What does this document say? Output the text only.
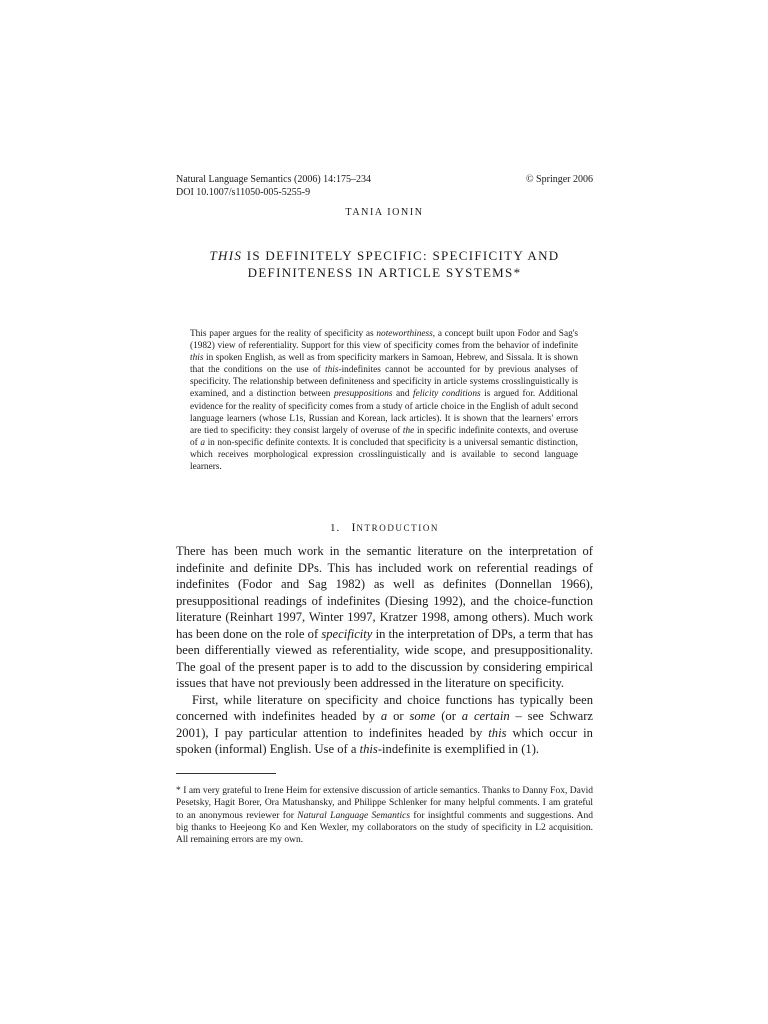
Natural Language Semantics (2006) 14:175–234	© Springer 2006
DOI 10.1007/s11050-005-5255-9
TANIA IONIN
THIS IS DEFINITELY SPECIFIC: SPECIFICITY AND
DEFINITENESS IN ARTICLE SYSTEMS*

This paper argues for the reality of specificity as noteworthiness, a concept built upon Fodor and Sag's (1982) view of referentiality. Support for this view of specificity comes from the behavior of indefinite this in spoken English, as well as from specificity markers in Samoan, Hebrew, and Sissala. It is shown that the conditions on the use of this-indefinites cannot be accounted for by previous analyses of specificity. The relationship between definiteness and specificity in article systems crosslinguistically is examined, and a distinction between presuppositions and felicity conditions is argued for. Additional evidence for the reality of specificity comes from a study of article choice in the English of adult second language learners (whose L1s, Russian and Korean, lack articles). It is shown that the learners' errors are tied to specificity: they consist largely of overuse of the in specific indefinite contexts, and overuse of a in non-specific definite contexts. It is concluded that specificity is a universal semantic distinction, which receives morphological expression crosslinguistically and is available to second language learners.

1. INTRODUCTION

There has been much work in the semantic literature on the interpretation of indefinite and definite DPs. This has included work on referential readings of indefinites (Fodor and Sag 1982) as well as definites (Donnellan 1966), presuppositional readings of indefinites (Diesing 1992), and the choice-function literature (Reinhart 1997, Winter 1997, Kratzer 1998, among others). Much work has been done on the role of specificity in the interpretation of DPs, a term that has been differentially viewed as referentiality, wide scope, and presuppositionality. The goal of the present paper is to add to the discussion by considering empirical issues that have not previously been addressed in the literature on specificity.

First, while literature on specificity and choice functions has typically been concerned with indefinites headed by a or some (or a certain – see Schwarz 2001), I pay particular attention to indefinites headed by this which occur in spoken (informal) English. Use of a this-indefinite is exemplified in (1).

* I am very grateful to Irene Heim for extensive discussion of article semantics. Thanks to Danny Fox, David Pesetsky, Hagit Borer, Ora Matushansky, and Philippe Schlenker for many helpful comments. I am grateful to an anonymous reviewer for Natural Language Semantics for insightful comments and suggestions. And big thanks to Heejeong Ko and Ken Wexler, my collaborators on the study of specificity in L2 acquisition. All remaining errors are my own.
